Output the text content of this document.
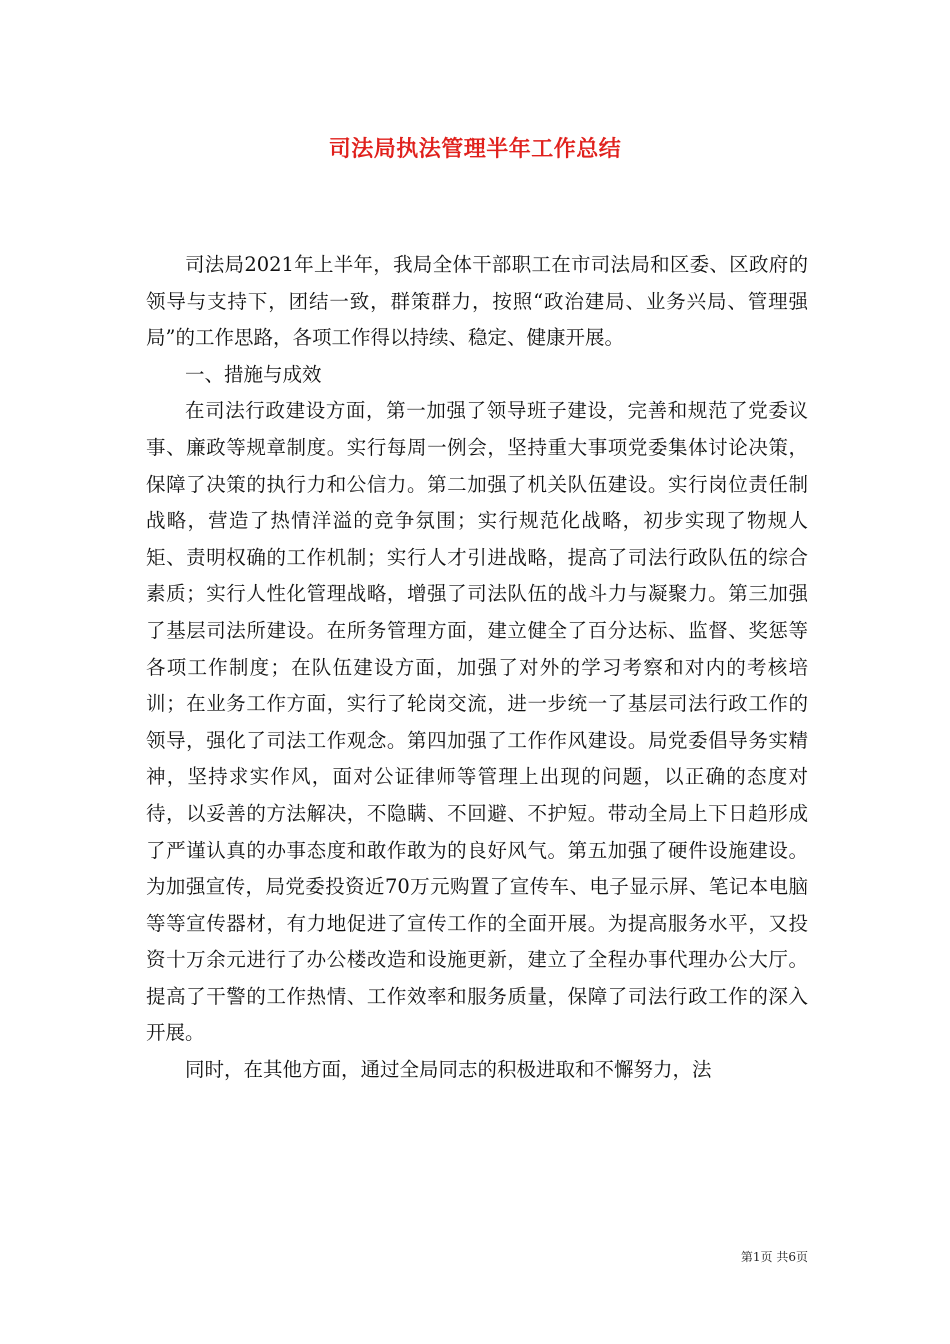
司法局执法管理半年工作总结

司法局2021年上半年，我局全体干部职工在市司法局和区委、区政府的领导与支持下，团结一致，群策群力，按照“政治建局、业务兴局、管理强局”的工作思路，各项工作得以持续、稳定、健康开展。

一、措施与成效

在司法行政建设方面，第一加强了领导班子建设，完善和规范了党委议事、廉政等规章制度。实行每周一例会，坚持重大事项党委集体讨论决策，保障了决策的执行力和公信力。第二加强了机关队伍建设。实行岗位责任制战略，营造了热情洋溢的竞争氛围；实行规范化战略，初步实现了物规人矩、责明权确的工作机制；实行人才引进战略，提高了司法行政队伍的综合素质；实行人性化管理战略，增强了司法队伍的战斗力与凝聚力。第三加强了基层司法所建设。在所务管理方面，建立健全了百分达标、监督、奖惩等各项工作制度；在队伍建设方面，加强了对外的学习考察和对内的考核培训；在业务工作方面，实行了轮岗交流，进一步统一了基层司法行政工作的领导，强化了司法工作观念。第四加强了工作作风建设。局党委倡导务实精神，坚持求实作风，面对公证律师等管理上出现的问题，以正确的态度对待，以妥善的方法解决，不隐瞒、不回避、不护短。带动全局上下日趋形成了严谨认真的办事态度和敢作敢为的良好风气。第五加强了硬件设施建设。为加强宣传，局党委投资近70万元购置了宣传车、电子显示屏、笔记本电脑等等宣传器材，有力地促进了宣传工作的全面开展。为提高服务水平，又投资十万余元进行了办公楼改造和设施更新，建立了全程办事代理办公大厅。提高了干警的工作热情、工作效率和服务质量，保障了司法行政工作的深入开展。

同时，在其他方面，通过全局同志的积极进取和不懈努力，法

第1页 共6页
